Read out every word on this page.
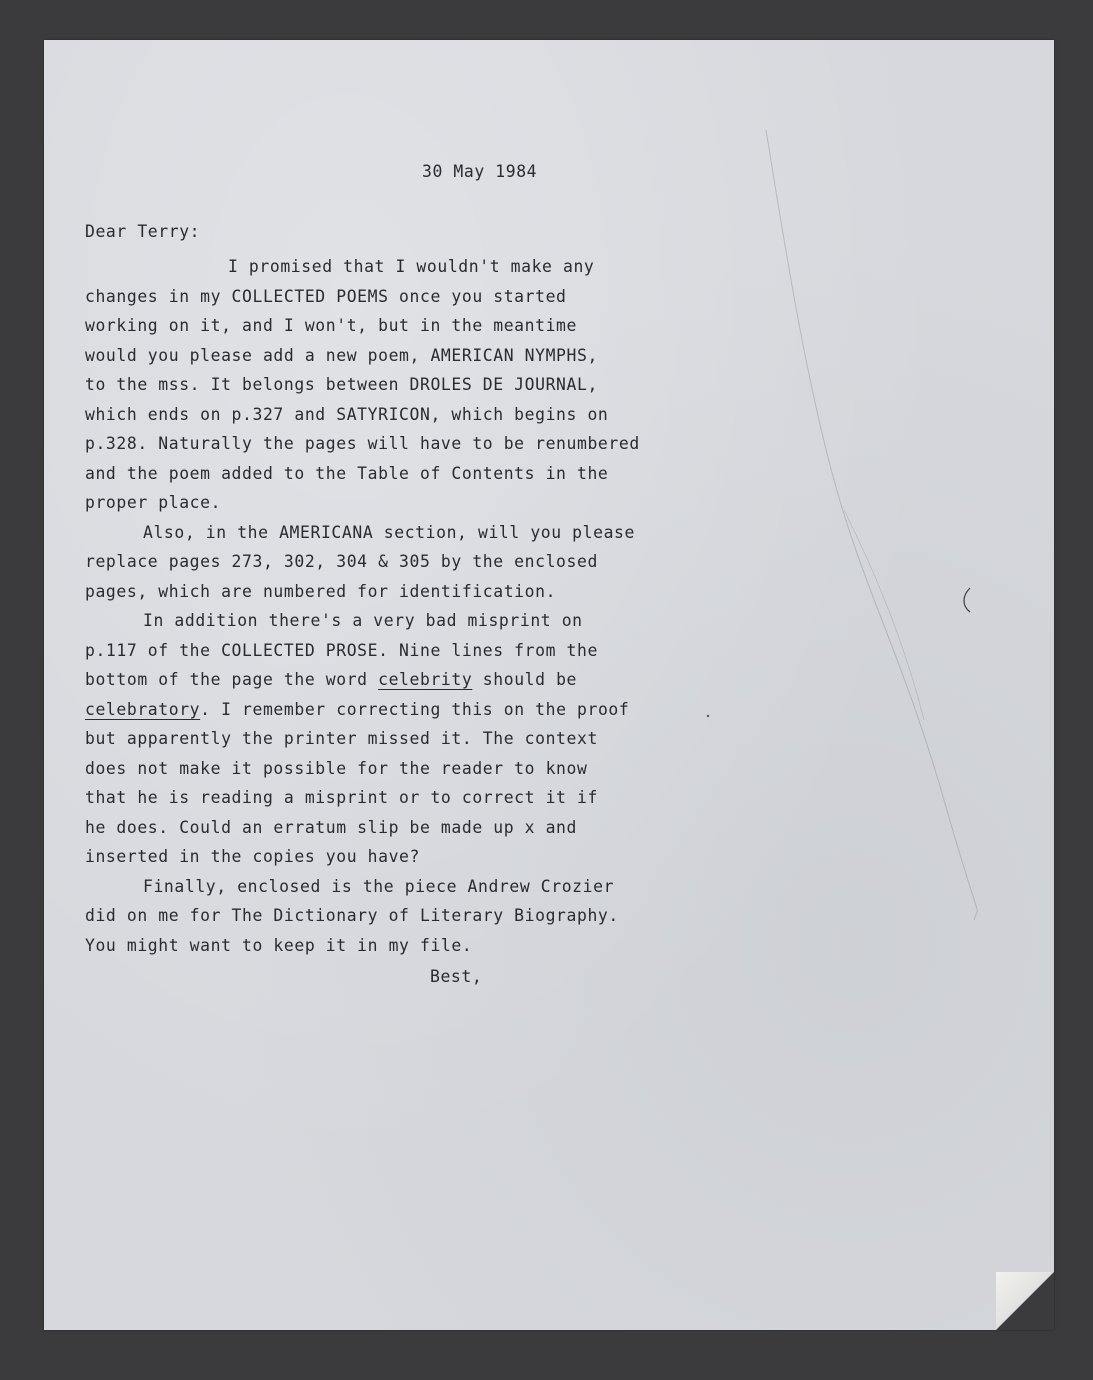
30 May 1984
Dear Terry:
I promised that I wouldn't make any
changes in my COLLECTED POEMS once you started
working on it, and I won't, but in the meantime
would you please add a new poem, AMERICAN NYMPHS,
to the mss. It belongs between DROLES DE JOURNAL,
which ends on p.327 and SATYRICON, which begins on
p.328. Naturally the pages will have to be renumbered
and the poem added to the Table of Contents in the
proper place.
Also, in the AMERICANA section, will you please
replace pages 273, 302, 304 & 305 by the enclosed
pages, which are numbered for identification.
In addition there's a very bad misprint on
p.117 of the COLLECTED PROSE. Nine lines from the
bottom of the page the word celebrity should be
celebratory. I remember correcting this on the proof
but apparently the printer missed it. The context
does not make it possible for the reader to know
that he is reading a misprint or to correct it if
he does. Could an erratum slip be made up x and
inserted in the copies you have?
Finally, enclosed is the piece Andrew Crozier
did on me for The Dictionary of Literary Biography.
You might want to keep it in my file.
Best,
